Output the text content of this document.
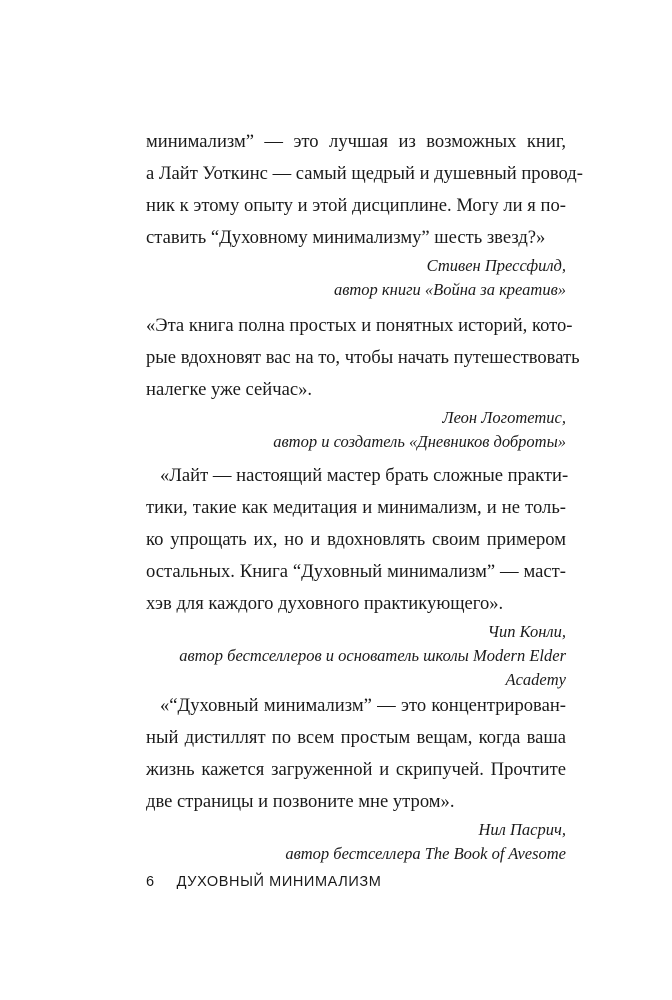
минимализм” — это лучшая из возможных книг,
а Лайт Уоткинс — самый щедрый и душевный провод-
ник к этому опыту и этой дисциплине. Могу ли я по-
ставить “Духовному минимализму” шесть звезд?»

Стивен Прессфилд,
автор книги «Война за креатив»

«Эта книга полна простых и понятных историй, кото-
рые вдохновят вас на то, чтобы начать путешествовать
налегке уже сейчас».

Леон Логотетис,
автор и создатель «Дневников доброты»

«Лайт — настоящий мастер брать сложные практи-
тики, такие как медитация и минимализм, и не толь-
ко упрощать их, но и вдохновлять своим примером
остальных. Книга “Духовный минимализм” — маст-
хэв для каждого духовного практикующего».

Чип Конли,
автор бестселлеров и основатель школы Modern Elder
Academy

«“Духовный минимализм” — это концентрирован-
ный дистиллят по всем простым вещам, когда ваша
жизнь кажется загруженной и скрипучей. Прочтите
две страницы и позвоните мне утром».

Нил Пасрич,
автор бестселлера The Book of Avesome

6 ДУХОВНЫЙ МИНИМАЛИЗМ
